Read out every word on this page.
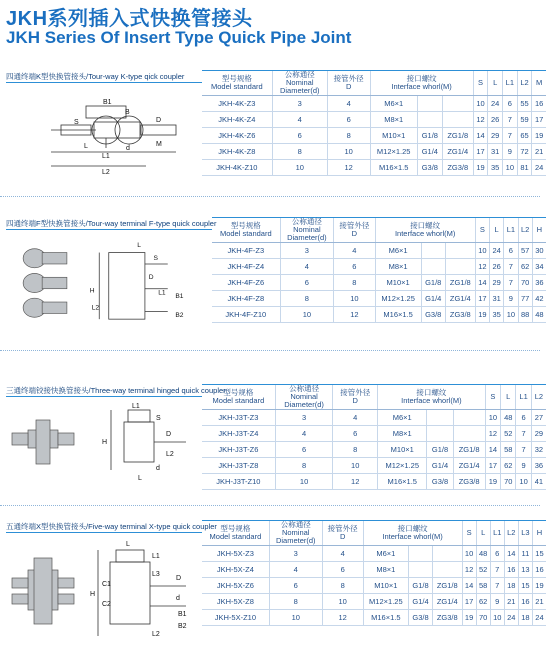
JKH系列插入式快换管接头
JKH Series Of Insert Type Quick Pipe Joint
四通终端K型快换管接头/Tour-way K-type qick coupler
B1
B
S
d
L1
L2
L
D
M
型号规格
Model standard	公称通径
Nominal
Diameter(d)	接管外径
D	接口螺纹
Interface whorl(M)			S	L	L1	L2	M
JKH-4K-Z3	3	4	M6×1			10	24	6	55	16
JKH-4K-Z4	4	6	M8×1			12	26	7	59	17
JKH-4K-Z6	6	8	M10×1	G1/8	ZG1/8	14	29	7	65	19
JKH-4K-Z8	8	10	M12×1.25	G1/4	ZG1/4	17	31	9	72	21
JKH-4K-Z10	10	12	M16×1.5	G3/8	ZG3/8	19	35	10	81	24
四通终端F型快换管接头/Tour-way terminal F-type quick coupler
L
S
D
L1
H
L2
B1
B2
型号规格
Model standard	公称通径
Nominal
Diameter(d)	接管外径
D	接口螺纹
Interface whorl(M)			S	L	L1	L2	H
JKH-4F-Z3	3	4	M6×1			10	24	6	57	30
JKH-4F-Z4	4	6	M8×1			12	26	7	62	34
JKH-4F-Z6	6	8	M10×1	G1/8	ZG1/8	14	29	7	70	36
JKH-4F-Z8	8	10	M12×1.25	G1/4	ZG1/4	17	31	9	77	42
JKH-4F-Z10	10	12	M16×1.5	G3/8	ZG3/8	19	35	10	88	48
三通终端铰接快换管接头/Three-way terminal hinged quick coupler
L1
S
D
L2
d
L
H
型号规格
Model standard	公称通径
Nominal
Diameter(d)	接管外径
D	接口螺纹
Interface whorl(M)			S	L	L1	L2
JKH-J3T-Z3	3	4	M6×1			10	48	6	27
JKH-J3T-Z4	4	6	M8×1			12	52	7	29
JKH-J3T-Z6	6	8	M10×1	G1/8	ZG1/8	14	58	7	32
JKH-J3T-Z8	8	10	M12×1.25	G1/4	ZG1/4	17	62	9	36
JKH-J3T-Z10	10	12	M16×1.5	G3/8	ZG3/8	19	70	10	41
五通终端X型快换管接头/Five-way terminal X-type quick coupler
L
L1
L3
L2
H
D
d
C1
C2
B1
B2
型号规格
Model standard	公称通径
Nominal
Diameter(d)	接管外径
D	接口螺纹
Interface whorl(M)			S	L	L1	L2	L3	H
JKH-5X-Z3	3	4	M6×1			10	48	6	14	11	15
JKH-5X-Z4	4	6	M8×1			12	52	7	16	13	16
JKH-5X-Z6	6	8	M10×1	G1/8	ZG1/8	14	58	7	18	15	19
JKH-5X-Z8	8	10	M12×1.25	G1/4	ZG1/4	17	62	9	21	16	21
JKH-5X-Z10	10	12	M16×1.5	G3/8	ZG3/8	19	70	10	24	18	24
